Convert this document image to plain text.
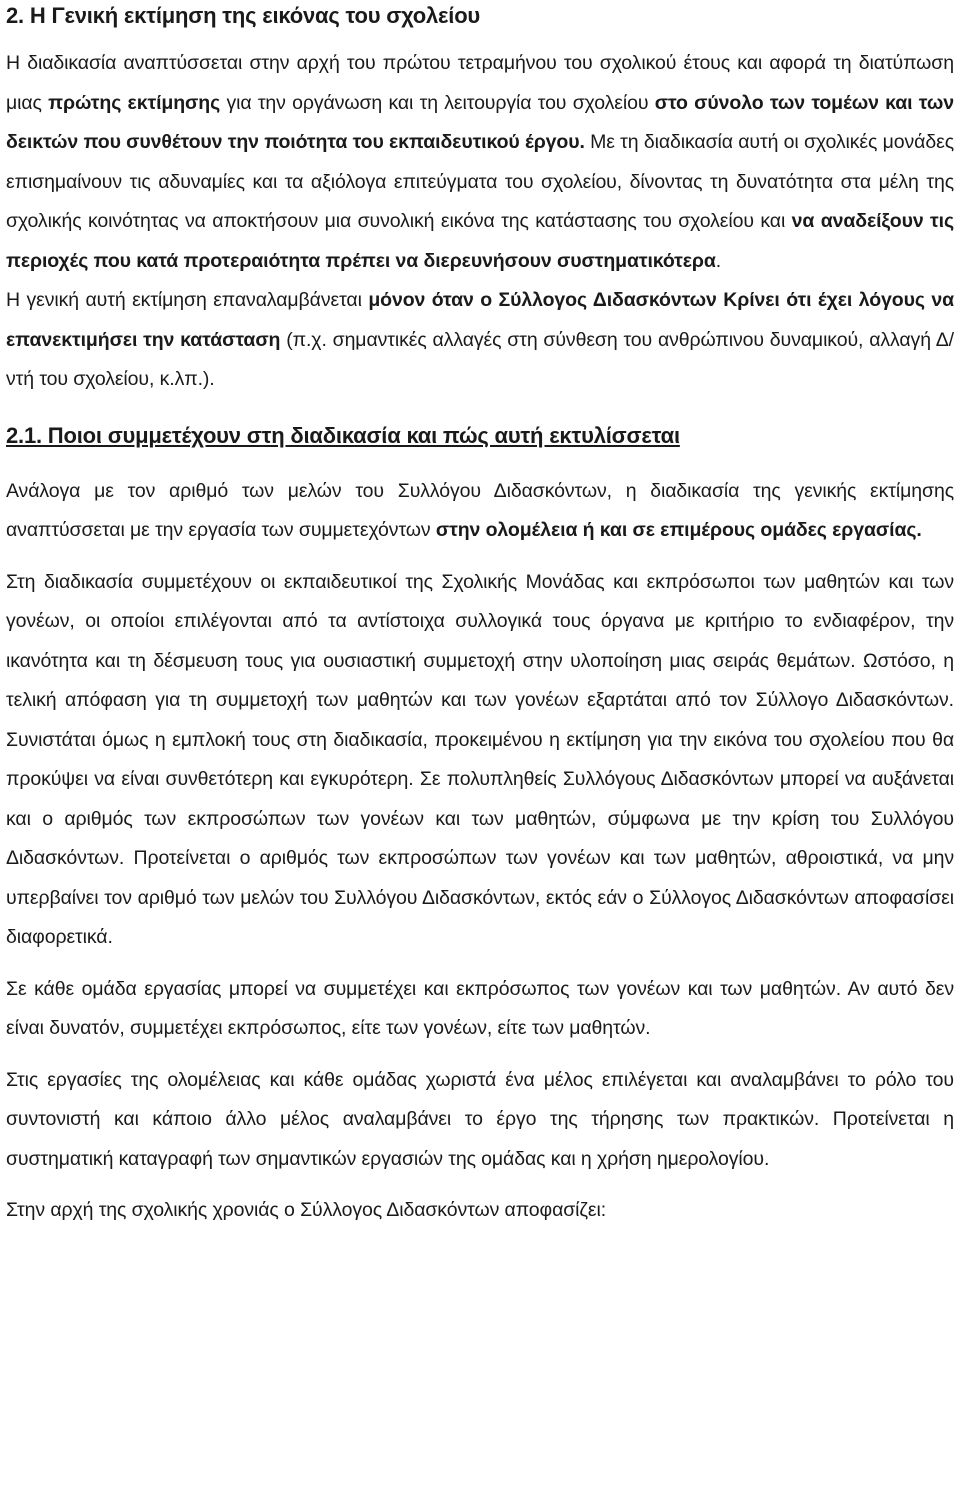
2. Η Γενική εκτίμηση της εικόνας του σχολείου

Η διαδικασία αναπτύσσεται στην αρχή του πρώτου τετραμήνου του σχολικού έτους και αφορά τη διατύπωση μιας πρώτης εκτίμησης για την οργάνωση και τη λειτουργία του σχολείου στο σύνολο των τομέων και των δεικτών που συνθέτουν την ποιότητα του εκπαιδευτικού έργου. Με τη διαδικασία αυτή οι σχολικές μονάδες επισημαίνουν τις αδυναμίες και τα αξιόλογα επιτεύγματα του σχολείου, δίνοντας τη δυνατότητα στα μέλη της σχολικής κοινότητας να αποκτήσουν μια συνολική εικόνα της κατάστασης του σχολείου και να αναδείξουν τις περιοχές που κατά προτεραιότητα πρέπει να διερευνήσουν συστηματικότερα.

Η γενική αυτή εκτίμηση επαναλαμβάνεται μόνον όταν ο Σύλλογος Διδασκόντων Κρίνει ότι έχει λόγους να επανεκτιμήσει την κατάσταση (π.χ. σημαντικές αλλαγές στη σύνθεση του ανθρώπινου δυναμικού, αλλαγή Δ/ντή του σχολείου, κ.λπ.).

2.1. Ποιοι συμμετέχουν στη διαδικασία και πώς αυτή εκτυλίσσεται

Ανάλογα με τον αριθμό των μελών του Συλλόγου Διδασκόντων, η διαδικασία της γενικής εκτίμησης αναπτύσσεται με την εργασία των συμμετεχόντων στην ολομέλεια ή και σε επιμέρους ομάδες εργασίας.

Στη διαδικασία συμμετέχουν οι εκπαιδευτικοί της Σχολικής Μονάδας και εκπρόσωποι των μαθητών και των γονέων, οι οποίοι επιλέγονται από τα αντίστοιχα συλλογικά τους όργανα με κριτήριο το ενδιαφέρον, την ικανότητα και τη δέσμευση τους για ουσιαστική συμμετοχή στην υλοποίηση μιας σειράς θεμάτων. Ωστόσο, η τελική απόφαση για τη συμμετοχή των μαθητών και των γονέων εξαρτάται από τον Σύλλογο Διδασκόντων. Συνιστάται όμως η εμπλοκή τους στη διαδικασία, προκειμένου η εκτίμηση για την εικόνα του σχολείου που θα προκύψει να είναι συνθετότερη και εγκυρότερη. Σε πολυπληθείς Συλλόγους Διδασκόντων μπορεί να αυξάνεται και ο αριθμός των εκπροσώπων των γονέων και των μαθητών, σύμφωνα με την κρίση του Συλλόγου Διδασκόντων. Προτείνεται ο αριθμός των εκπροσώπων των γονέων και των μαθητών, αθροιστικά, να μην υπερβαίνει τον αριθμό των μελών του Συλλόγου Διδασκόντων, εκτός εάν ο Σύλλογος Διδασκόντων αποφασίσει διαφορετικά.

Σε κάθε ομάδα εργασίας μπορεί να συμμετέχει και εκπρόσωπος των γονέων και των μαθητών. Αν αυτό δεν είναι δυνατόν, συμμετέχει εκπρόσωπος, είτε των γονέων, είτε των μαθητών.

Στις εργασίες της ολομέλειας και κάθε ομάδας χωριστά ένα μέλος επιλέγεται και αναλαμβάνει το ρόλο του συντονιστή και κάποιο άλλο μέλος αναλαμβάνει το έργο της τήρησης των πρακτικών. Προτείνεται η συστηματική καταγραφή των σημαντικών εργασιών της ομάδας και η χρήση ημερολογίου.

Στην αρχή της σχολικής χρονιάς ο Σύλλογος Διδασκόντων αποφασίζει:
